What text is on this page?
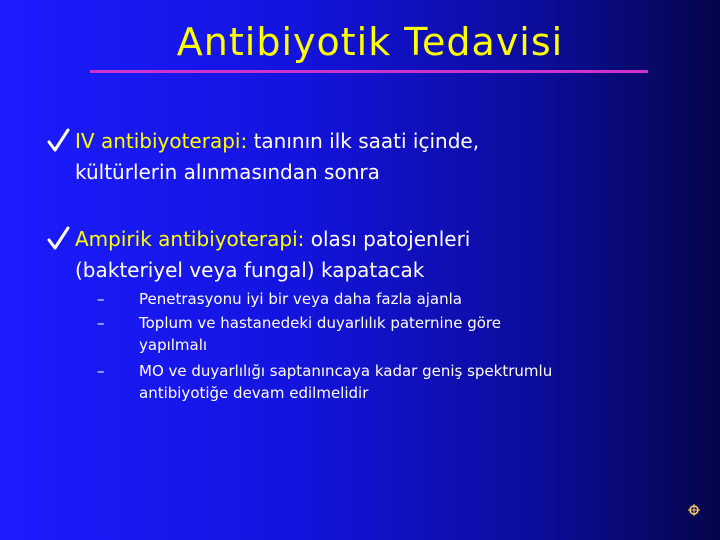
Antibiyotik Tedavisi
IV antibiyoterapi: tanının ilk saati içinde,
kültürlerin alınmasından sonra
Ampirik antibiyoterapi: olası patojenleri
(bakteriyel veya fungal) kapatacak
–	Penetrasyonu iyi bir veya daha fazla ajanla
–	Toplum ve hastanedeki duyarlılık paternine göre yapılmalı
–	MO ve duyarlılığı saptanıncaya kadar geniş spektrumlu antibiyotiğe devam edilmelidir
